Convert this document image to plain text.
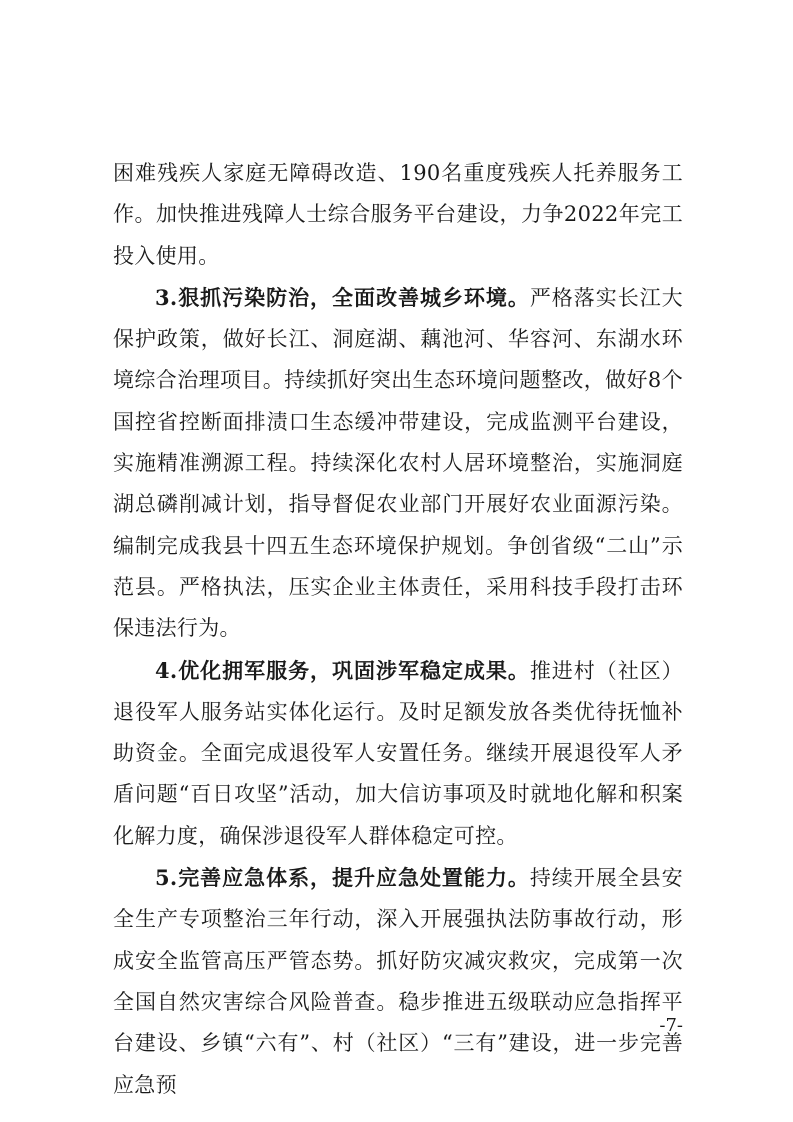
困难残疾人家庭无障碍改造、190名重度残疾人托养服务工作。加快推进残障人士综合服务平台建设，力争2022年完工投入使用。

3.狠抓污染防治，全面改善城乡环境。严格落实长江大保护政策，做好长江、洞庭湖、藕池河、华容河、东湖水环境综合治理项目。持续抓好突出生态环境问题整改，做好8个国控省控断面排渍口生态缓冲带建设，完成监测平台建设，实施精准溯源工程。持续深化农村人居环境整治，实施洞庭湖总磷削减计划，指导督促农业部门开展好农业面源污染。编制完成我县十四五生态环境保护规划。争创省级“二山”示范县。严格执法，压实企业主体责任，采用科技手段打击环保违法行为。

4.优化拥军服务，巩固涉军稳定成果。推进村（社区）退役军人服务站实体化运行。及时足额发放各类优待抚恤补助资金。全面完成退役军人安置任务。继续开展退役军人矛盾问题“百日攻坚”活动，加大信访事项及时就地化解和积案化解力度，确保涉退役军人群体稳定可控。

5.完善应急体系，提升应急处置能力。持续开展全县安全生产专项整治三年行动，深入开展强执法防事故行动，形成安全监管高压严管态势。抓好防灾减灾救灾，完成第一次全国自然灾害综合风险普查。稳步推进五级联动应急指挥平台建设、乡镇“六有”、村（社区）“三有”建设，进一步完善应急预

-7-
